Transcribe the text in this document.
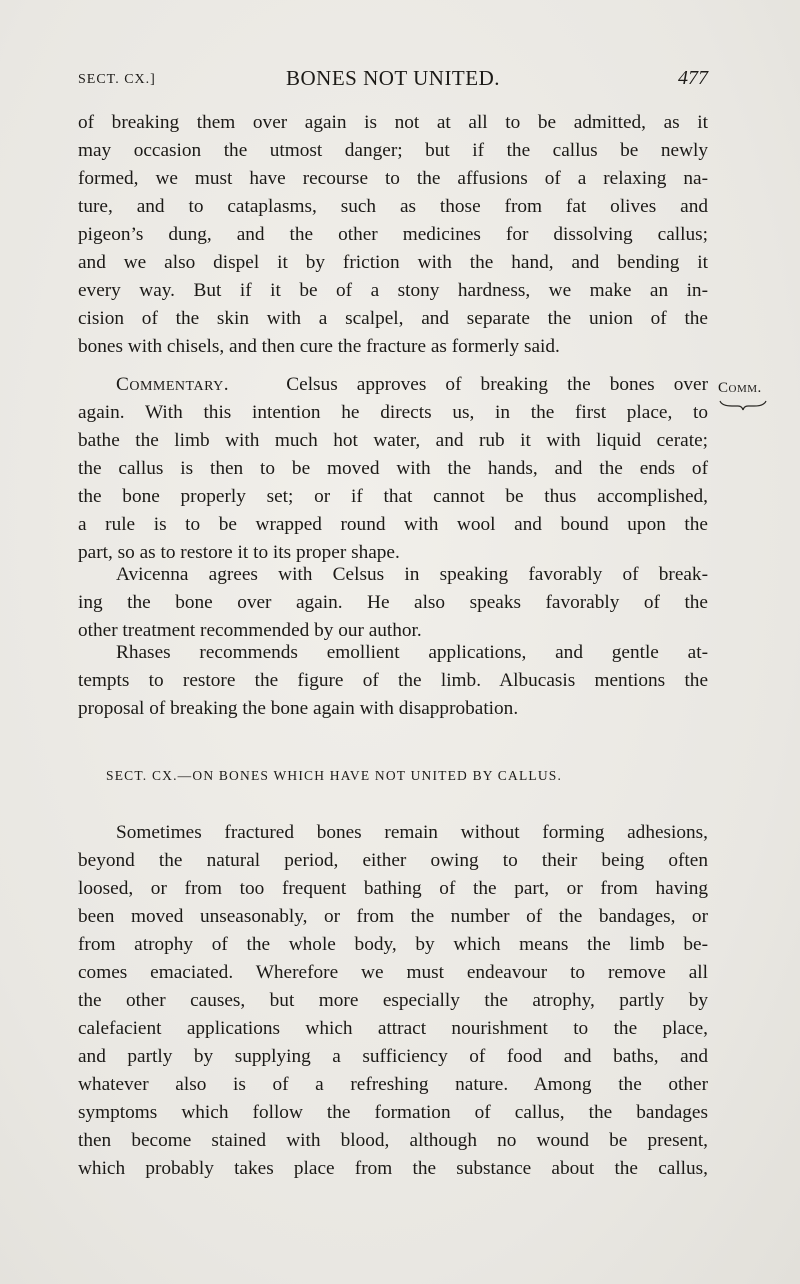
SECT. CX.]	BONES NOT UNITED.	477
of breaking them over again is not at all to be admitted, as it
may occasion the utmost danger; but if the callus be newly
formed, we must have recourse to the affusions of a relaxing na-
ture, and to cataplasms, such as those from fat olives and
pigeon’s dung, and the other medicines for dissolving callus;
and we also dispel it by friction with the hand, and bending it
every way. But if it be of a stony hardness, we make an in-
cision of the skin with a scalpel, and separate the union of the
bones with chisels, and then cure the fracture as formerly said.
Commentary.	Celsus approves of breaking the bones over
again. With this intention he directs us, in the first place, to
bathe the limb with much hot water, and rub it with liquid cerate;
the callus is then to be moved with the hands, and the ends of
the bone properly set; or if that cannot be thus accomplished,
a rule is to be wrapped round with wool and bound upon the
part, so as to restore it to its proper shape.
Comm.
Avicenna agrees with Celsus in speaking favorably of break-
ing the bone over again. He also speaks favorably of the
other treatment recommended by our author.
Rhases recommends emollient applications, and gentle at-
tempts to restore the figure of the limb. Albucasis mentions the
proposal of breaking the bone again with disapprobation.
SECT. CX.—ON BONES WHICH HAVE NOT UNITED BY CALLUS.
Sometimes fractured bones remain without forming adhesions,
beyond the natural period, either owing to their being often
loosed, or from too frequent bathing of the part, or from having
been moved unseasonably, or from the number of the bandages, or
from atrophy of the whole body, by which means the limb be-
comes emaciated. Wherefore we must endeavour to remove all
the other causes, but more especially the atrophy, partly by
calefacient applications which attract nourishment to the place,
and partly by supplying a sufficiency of food and baths, and
whatever also is of a refreshing nature. Among the other
symptoms which follow the formation of callus, the bandages
then become stained with blood, although no wound be present,
which probably takes place from the substance about the callus,
